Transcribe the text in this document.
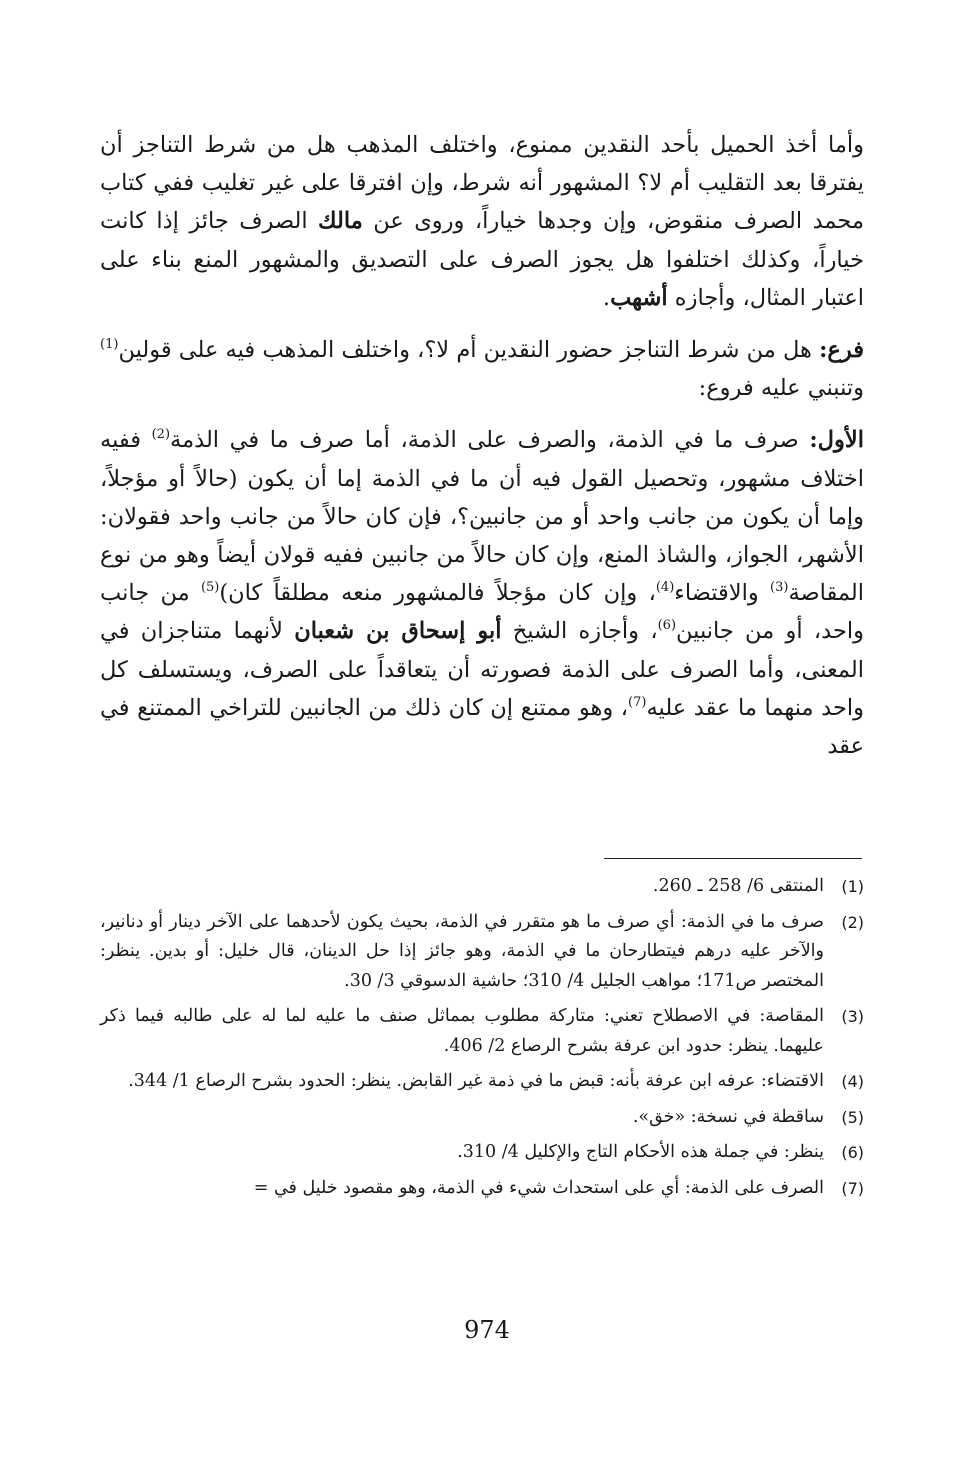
وأما أخذ الحميل بأحد النقدين ممنوع، واختلف المذهب هل من شرط التناجز أن يفترقا بعد التقليب أم لا؟ المشهور أنه شرط، وإن افترقا على غير تغليب ففي كتاب محمد الصرف منقوض، وإن وجدها خياراً، وروى عن مالك الصرف جائز إذا كانت خياراً، وكذلك اختلفوا هل يجوز الصرف على التصديق والمشهور المنع بناء على اعتبار المثال، وأجازه أشهب.

فرع: هل من شرط التناجز حضور النقدين أم لا؟، واختلف المذهب فيه على قولين$^{(1)}$ وتنبني عليه فروع:

الأول: صرف ما في الذمة، والصرف على الذمة، أما صرف ما في الذمة$^{(2)}$ ففيه اختلاف مشهور، وتحصيل القول فيه أن ما في الذمة إما أن يكون (حالاً أو مؤجلاً، وإما أن يكون من جانب واحد أو من جانبين؟، فإن كان حالاً من جانب واحد فقولان: الأشهر، الجواز، والشاذ المنع، وإن كان حالاً من جانبين ففيه قولان أيضاً وهو من نوع المقاصة$^{(3)}$ والاقتضاء$^{(4)}$، وإن كان مؤجلاً فالمشهور منعه مطلقاً كان)$^{(5)}$ من جانب واحد، أو من جانبين$^{(6)}$، وأجازه الشيخ أبو إسحاق بن شعبان لأنهما متناجزان في المعنى، وأما الصرف على الذمة فصورته أن يتعاقداً على الصرف، ويستسلف كل واحد منهما ما عقد عليه$^{(7)}$، وهو ممتنع إن كان ذلك من الجانبين للتراخي الممتنع في عقد

(1)
المنتقى 6/ 258 ـ 260.
(2)
صرف ما في الذمة: أي صرف ما هو متقرر في الذمة، بحيث يكون لأحدهما على الآخر دينار أو دنانير، والآخر عليه درهم فيتطارحان ما في الذمة، وهو جائز إذا حل الدينان، قال خليل: أو بدين. ينظر: المختصر ص171؛ مواهب الجليل 4/ 310؛ حاشية الدسوقي 3/ 30.
(3)
المقاصة: في الاصطلاح تعني: متاركة مطلوب بمماثل صنف ما عليه لما له على طالبه فيما ذكر عليهما. ينظر: حدود ابن عرفة بشرح الرصاع 2/ 406.
(4)
الاقتضاء: عرفه ابن عرفة بأنه: قبض ما في ذمة غير القابض. ينظر: الحدود بشرح الرصاع 1/ 344.
(5)
ساقطة في نسخة: «خق».
(6)
ينظر: في جملة هذه الأحكام التاج والإكليل 4/ 310.
(7)
الصرف على الذمة: أي على استحداث شيء في الذمة، وهو مقصود خليل في =
974
